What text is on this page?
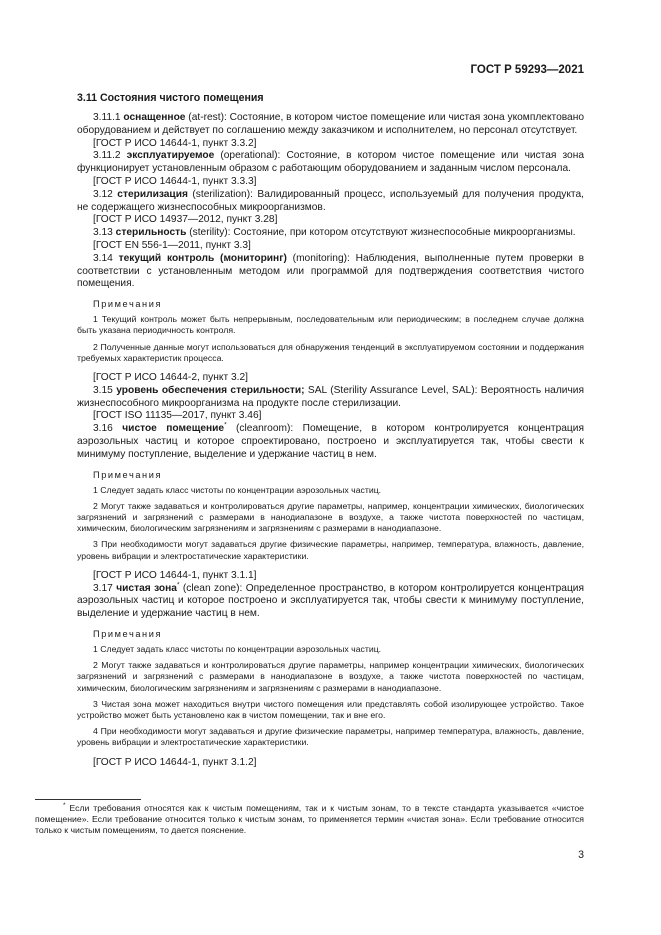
ГОСТ Р 59293—2021
3.11 Состояния чистого помещения

3.11.1 оснащенное (at-rest): Состояние, в котором чистое помещение или чистая зона укомплектовано оборудованием и действует по соглашению между заказчиком и исполнителем, но персонал отсутствует.

[ГОСТ Р ИСО 14644-1, пункт 3.3.2]

3.11.2 эксплуатируемое (operational): Состояние, в котором чистое помещение или чистая зона функционирует установленным образом с работающим оборудованием и заданным числом персонала.

[ГОСТ Р ИСО 14644-1, пункт 3.3.3]

3.12 стерилизация (sterilization): Валидированный процесс, используемый для получения продукта, не содержащего жизнеспособных микроорганизмов.

[ГОСТ Р ИСО 14937—2012, пункт 3.28]

3.13 стерильность (sterility): Состояние, при котором отсутствуют жизнеспособные микроорганизмы.

[ГОСТ EN 556-1—2011, пункт 3.3]

3.14 текущий контроль (мониторинг) (monitoring): Наблюдения, выполненные путем проверки в соответствии с установленным методом или программой для подтверждения соответствия чистого помещения.

Примечания

1 Текущий контроль может быть непрерывным, последовательным или периодическим; в последнем случае должна быть указана периодичность контроля.

2 Полученные данные могут использоваться для обнаружения тенденций в эксплуатируемом состоянии и поддержания требуемых характеристик процесса.

[ГОСТ Р ИСО 14644-2, пункт 3.2]

3.15 уровень обеспечения стерильности; SAL (Sterility Assurance Level, SAL): Вероятность наличия жизнеспособного микроорганизма на продукте после стерилизации.

[ГОСТ ISO 11135—2017, пункт 3.46]

3.16 чистое помещение* (cleanroom): Помещение, в котором контролируется концентрация аэрозольных частиц и которое спроектировано, построено и эксплуатируется так, чтобы свести к минимуму поступление, выделение и удержание частиц в нем.

Примечания

1 Следует задать класс чистоты по концентрации аэрозольных частиц.

2 Могут также задаваться и контролироваться другие параметры, например, концентрации химических, биологических загрязнений и загрязнений с размерами в нанодиапазоне в воздухе, а также чистота поверхностей по частицам, химическим, биологическим загрязнениям и загрязнениям с размерами в нанодиапазоне.

3 При необходимости могут задаваться другие физические параметры, например, температура, влажность, давление, уровень вибрации и электростатические характеристики.

[ГОСТ Р ИСО 14644-1, пункт 3.1.1]

3.17 чистая зона* (clean zone): Определенное пространство, в котором контролируется концентрация аэрозольных частиц и которое построено и эксплуатируется так, чтобы свести к минимуму поступление, выделение и удержание частиц в нем.

Примечания

1 Следует задать класс чистоты по концентрации аэрозольных частиц.

2 Могут также задаваться и контролироваться другие параметры, например концентрации химических, биологических загрязнений и загрязнений с размерами в нанодиапазоне в воздухе, а также чистота поверхностей по частицам, химическим, биологическим загрязнениям и загрязнениям с размерами в нанодиапазоне.

3 Чистая зона может находиться внутри чистого помещения или представлять собой изолирующее устройство. Такое устройство может быть установлено как в чистом помещении, так и вне его.

4 При необходимости могут задаваться и другие физические параметры, например температура, влажность, давление, уровень вибрации и электростатические характеристики.

[ГОСТ Р ИСО 14644-1, пункт 3.1.2]

* Если требования относятся как к чистым помещениям, так и к чистым зонам, то в тексте стандарта указывается «чистое помещение». Если требование относится только к чистым зонам, то применяется термин «чистая зона». Если требование относится только к чистым помещениям, то дается пояснение.
3
